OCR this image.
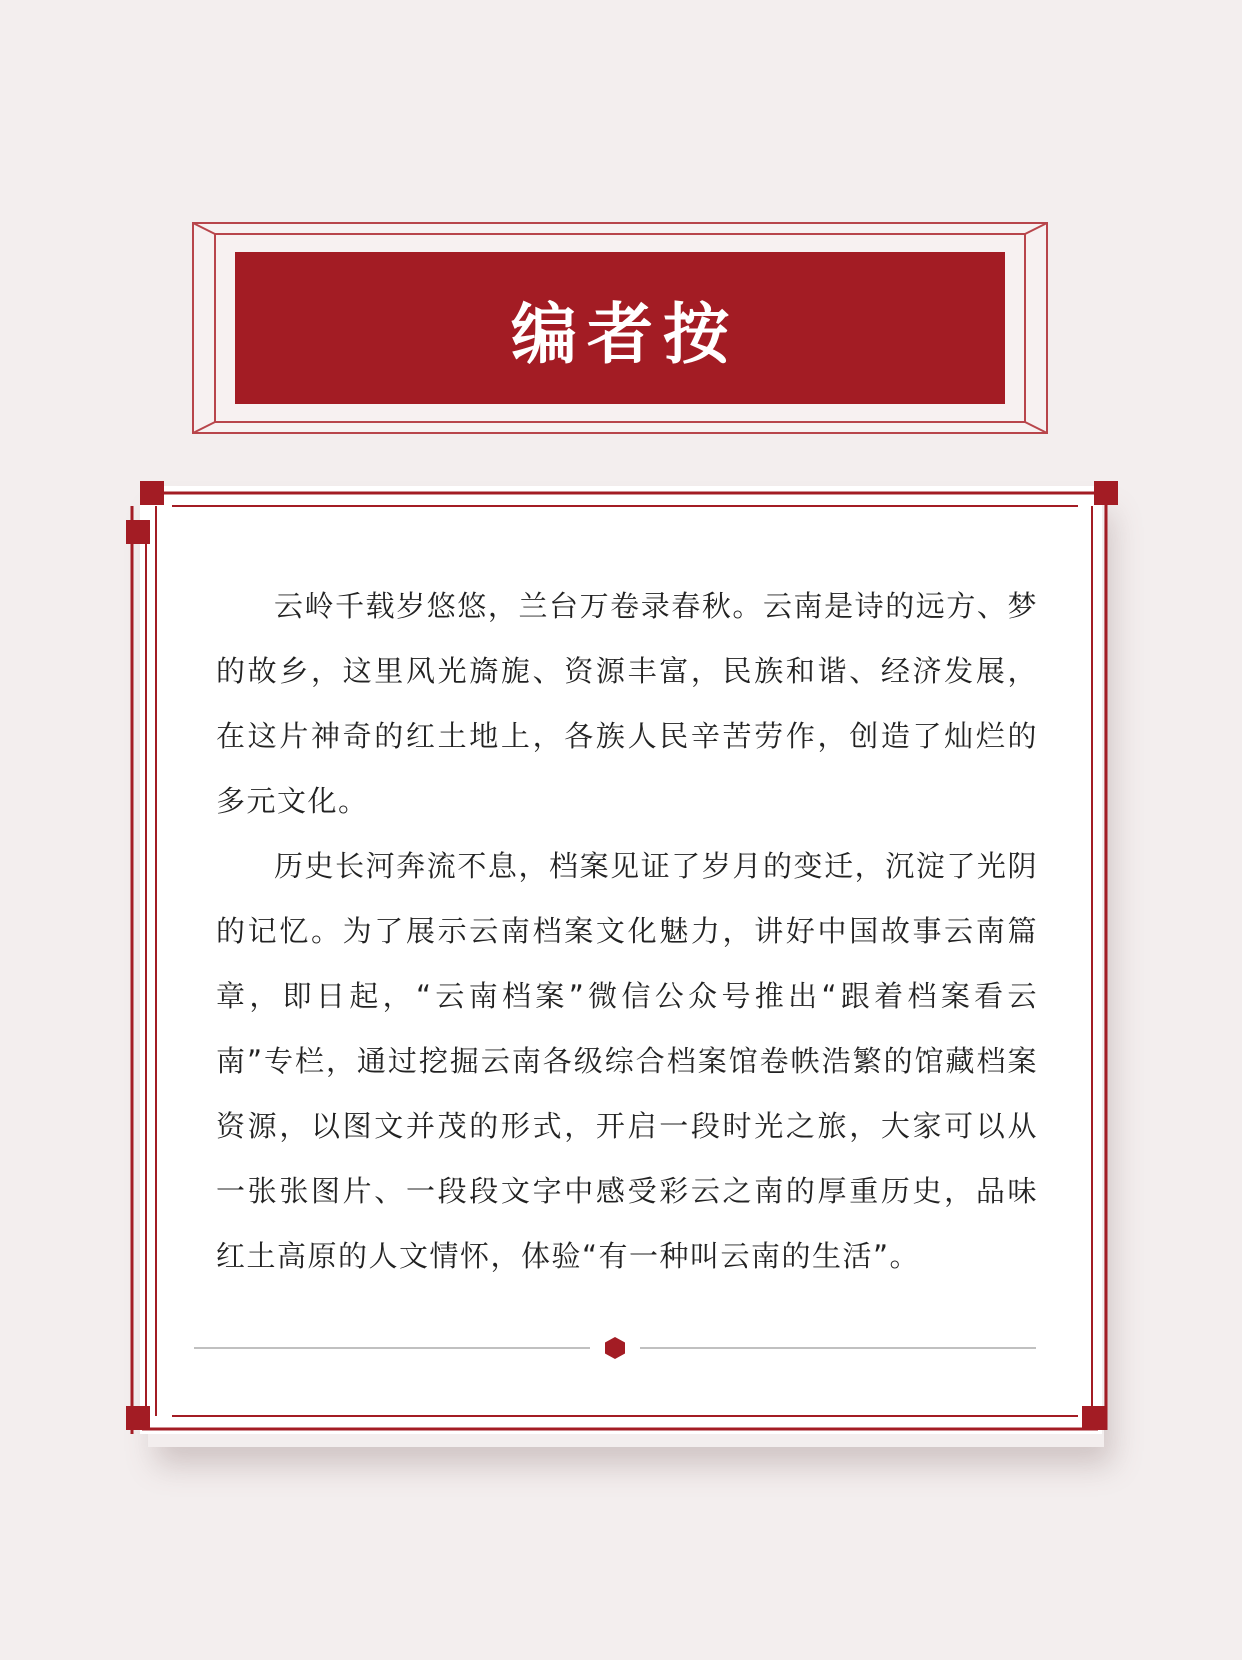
编者按

云岭千载岁悠悠，兰台万卷录春秋。云南是诗的远方、梦的故乡，这里风光旖旎、资源丰富，民族和谐、经济发展，在这片神奇的红土地上，各族人民辛苦劳作，创造了灿烂的多元文化。

历史长河奔流不息，档案见证了岁月的变迁，沉淀了光阴的记忆。为了展示云南档案文化魅力，讲好中国故事云南篇章，即日起，“云南档案”微信公众号推出“跟着档案看云南”专栏，通过挖掘云南各级综合档案馆卷帙浩繁的馆藏档案资源，以图文并茂的形式，开启一段时光之旅，大家可以从一张张图片、一段段文字中感受彩云之南的厚重历史，品味红土高原的人文情怀，体验“有一种叫云南的生活”。
